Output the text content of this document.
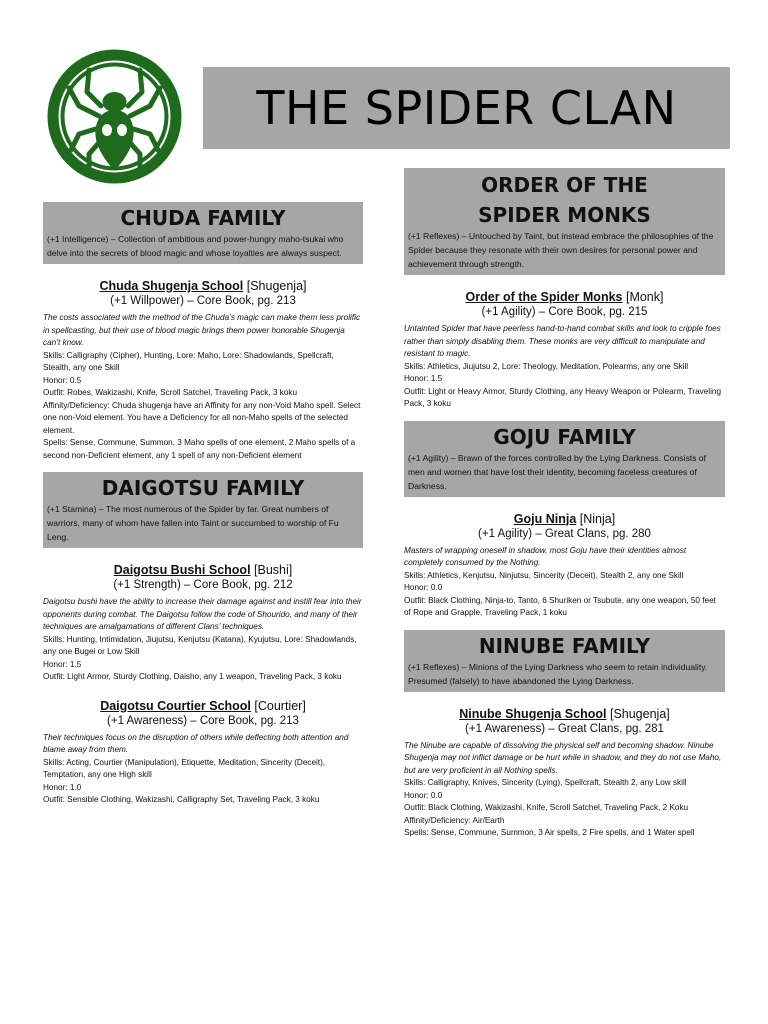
THE SPIDER CLAN
CHUDA FAMILY
(+1 Intelligence) – Collection of ambitious and power-hungry maho-tsukai who delve into the secrets of blood magic and whose loyalties are always suspect.
Chuda Shugenja School [Shugenja]
(+1 Willpower) – Core Book, pg. 213
The costs associated with the method of the Chuda’s magic can make them less prolific in spellcasting, but their use of blood magic brings them power honorable Shugenja can’t know.
Skills: Calligraphy (Cipher), Hunting, Lore: Maho, Lore: Shadowlands, Spellcraft, Stealth, any one Skill
Honor: 0.5
Outfit: Robes, Wakizashi, Knife, Scroll Satchel, Traveling Pack, 3 koku
Affinity/Deficiency: Chuda shugenja have an Affinity for any non-Void Maho spell. Select one non-Void element. You have a Deficiency for all non-Maho spells of the selected element.
Spells: Sense, Commune, Summon, 3 Maho spells of one element, 2 Maho spells of a second non-Deficient element, any 1 spell of any non-Deficient element
DAIGOTSU FAMILY
(+1 Stamina) – The most numerous of the Spider by far. Great numbers of warriors, many of whom have fallen into Taint or succumbed to worship of Fu Leng.
Daigotsu Bushi School [Bushi]
(+1 Strength) – Core Book, pg. 212
Daigotsu bushi have the ability to increase their damage against and instill fear into their opponents during combat. The Daigotsu follow the code of Shourido, and many of their techniques are amalgamations of different Clans’ techniques.
Skills: Hunting, Intimidation, Jiujutsu, Kenjutsu (Katana), Kyujutsu, Lore: Shadowlands, any one Bugei or Low Skill
Honor: 1.5
Outfit: Light Armor, Sturdy Clothing, Daisho, any 1 weapon, Traveling Pack, 3 koku
Daigotsu Courtier School [Courtier]
(+1 Awareness) – Core Book, pg. 213
Their techniques focus on the disruption of others while deflecting both attention and blame away from them.
Skills: Acting, Courtier (Manipulation), Etiquette, Meditation, Sincerity (Deceit), Temptation, any one High skill
Honor: 1.0
Outfit: Sensible Clothing, Wakizashi, Calligraphy Set, Traveling Pack, 3 koku
ORDER OF THE
SPIDER MONKS
(+1 Reflexes) – Untouched by Taint, but instead embrace the philosophies of the Spider because they resonate with their own desires for personal power and achievement through strength.
Order of the Spider Monks [Monk]
(+1 Agility) – Core Book, pg. 215
Untainted Spider that have peerless hand-to-hand combat skills and look to cripple foes rather than simply disabling them. These monks are very difficult to manipulate and resistant to magic.
Skills: Athletics, Jiujutsu 2, Lore: Theology, Meditation, Polearms, any one Skill
Honor: 1.5
Outfit: Light or Heavy Armor, Sturdy Clothing, any Heavy Weapon or Polearm, Traveling Pack, 3 koku
GOJU FAMILY
(+1 Agility) – Brawn of the forces controlled by the Lying Darkness. Consists of men and women that have lost their identity, becoming faceless creatures of Darkness.
Goju Ninja [Ninja]
(+1 Agility) – Great Clans, pg. 280
Masters of wrapping oneself in shadow, most Goju have their identities almost completely consumed by the Nothing.
Skills: Athletics, Kenjutsu, Ninjutsu, Sincerity (Deceit), Stealth 2, any one Skill
Honor: 0.0
Outfit: Black Clothing, Ninja-to, Tanto, 6 Shuriken or Tsubute, any one weapon, 50 feet of Rope and Grapple, Traveling Pack, 1 koku
NINUBE FAMILY
(+1 Reflexes) – Minions of the Lying Darkness who seem to retain individuality. Presumed (falsely) to have abandoned the Lying Darkness.
Ninube Shugenja School [Shugenja]
(+1 Awareness) – Great Clans, pg. 281
The Ninube are capable of dissolving the physical self and becoming shadow. Ninube Shugenja may not inflict damage or be hurt while in shadow, and they do not use Maho, but are very proficient in all Nothing spells.
Skills: Calligraphy, Knives, Sincerity (Lying), Spellcraft, Stealth 2, any Low skill
Honor: 0.0
Outfit: Black Clothing, Wakizashi, Knife, Scroll Satchel, Traveling Pack, 2 Koku
Affinity/Deficiency: Air/Earth
Spells: Sense, Commune, Summon, 3 Air spells, 2 Fire spells, and 1 Water spell
